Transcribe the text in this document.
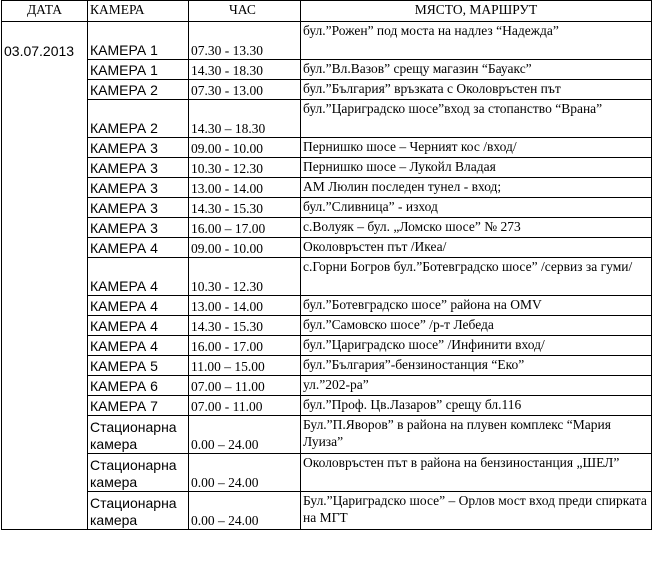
ДАТА	КАМЕРА	ЧАС	МЯСТО, МАРШРУТ
03.07.2013	КАМЕРА 1	07.30 - 13.30	бул.”Рожен” под моста на надлез “Надежда”
	КАМЕРА 1	14.30 - 18.30	бул.”Вл.Вазов” срещу магазин “Бауакс”
	КАМЕРА 2	07.30 - 13.00	бул.”България” връзката с Околовръстен път
	КАМЕРА 2	14.30 – 18.30	бул.”Цариградско шосе”вход за стопанство “Врана”
	КАМЕРА 3	09.00 - 10.00	Пернишко шосе – Черният кос /вход/
	КАМЕРА 3	10.30 - 12.30	Пернишко шосе – Лукойл Владая
	КАМЕРА 3	13.00 - 14.00	АМ Люлин последен тунел - вход;
	КАМЕРА 3	14.30 - 15.30	бул.”Сливница” - изход
	КАМЕРА 3	16.00 – 17.00	с.Волуяк – бул. „Ломско шосе” № 273
	КАМЕРА 4	09.00 - 10.00	Околовръстен път /Икеа/
	КАМЕРА 4	10.30 - 12.30	с.Горни Богров бул.”Ботевградско шосе” /сервиз за гуми/
	КАМЕРА 4	13.00 - 14.00	бул.”Ботевградско шосе” района на OMV
	КАМЕРА 4	14.30 - 15.30	бул.”Самовско шосе” /р-т Лебеда
	КАМЕРА 4	16.00 - 17.00	бул.”Цариградско шосе” /Инфинити вход/
	КАМЕРА 5	11.00 – 15.00	бул.”България”-бензиностанция “Еко”
	КАМЕРА 6	07.00 – 11.00	ул.”202-ра”
	КАМЕРА 7	07.00 - 11.00	бул.”Проф. Цв.Лазаров” срещу бл.116
	Стационарна камера	0.00 – 24.00	Бул.”П.Яворов” в района на плувен комплекс “Мария Луиза”
	Стационарна камера	0.00 – 24.00	Околовръстен път в района на бензиностанция „ШЕЛ”
	Стационарна камера	0.00 – 24.00	Бул.”Цариградско шосе” – Орлов мост вход преди спирката на МГТ
